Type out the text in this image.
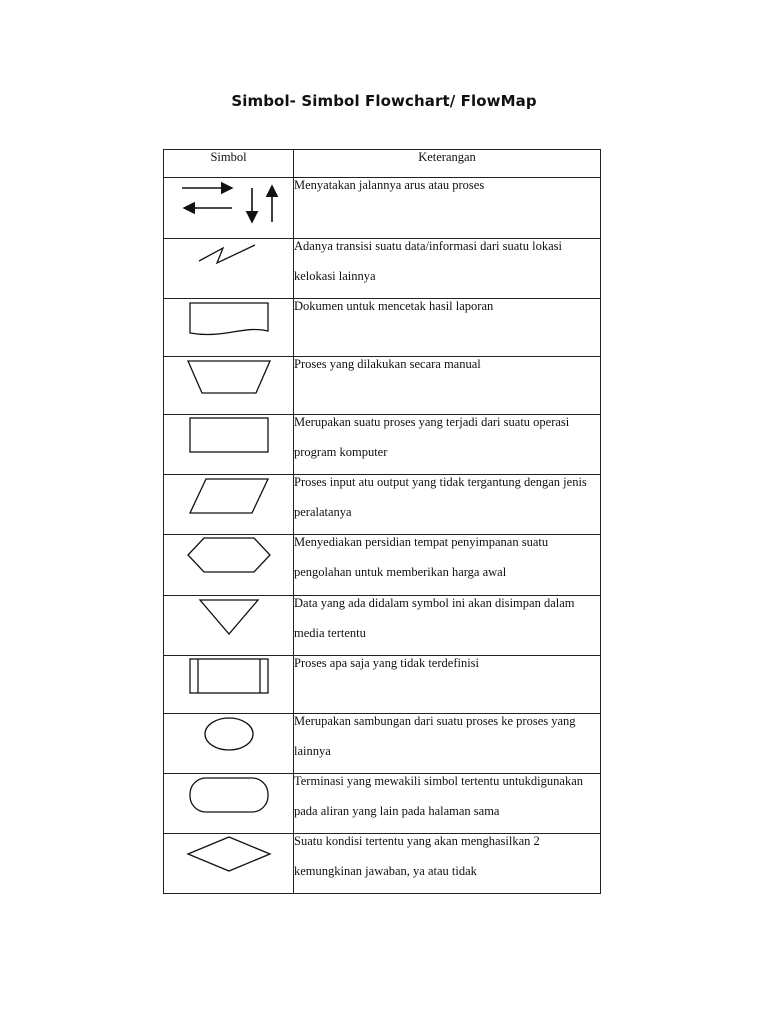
Simbol- Simbol Flowchart/ FlowMap
Simbol	Keterangan

Menyatakan jalannya arus atau proses

Adanya transisi suatu data/informasi dari suatu lokasi kelokasi lainnya

Dokumen untuk mencetak hasil laporan

Proses yang dilakukan secara manual

Merupakan suatu proses yang terjadi dari suatu operasi program komputer

Proses input atu output yang tidak tergantung dengan jenis peralatanya

Menyediakan persidian tempat penyimpanan suatu pengolahan untuk memberikan harga awal

Data yang ada didalam symbol ini akan disimpan dalam media tertentu

Proses apa saja yang tidak terdefinisi

Merupakan sambungan dari suatu proses ke proses yang lainnya

Terminasi yang mewakili simbol tertentu untukdigunakan pada aliran yang lain pada halaman sama

Suatu kondisi tertentu yang akan menghasilkan 2 kemungkinan jawaban, ya atau tidak
